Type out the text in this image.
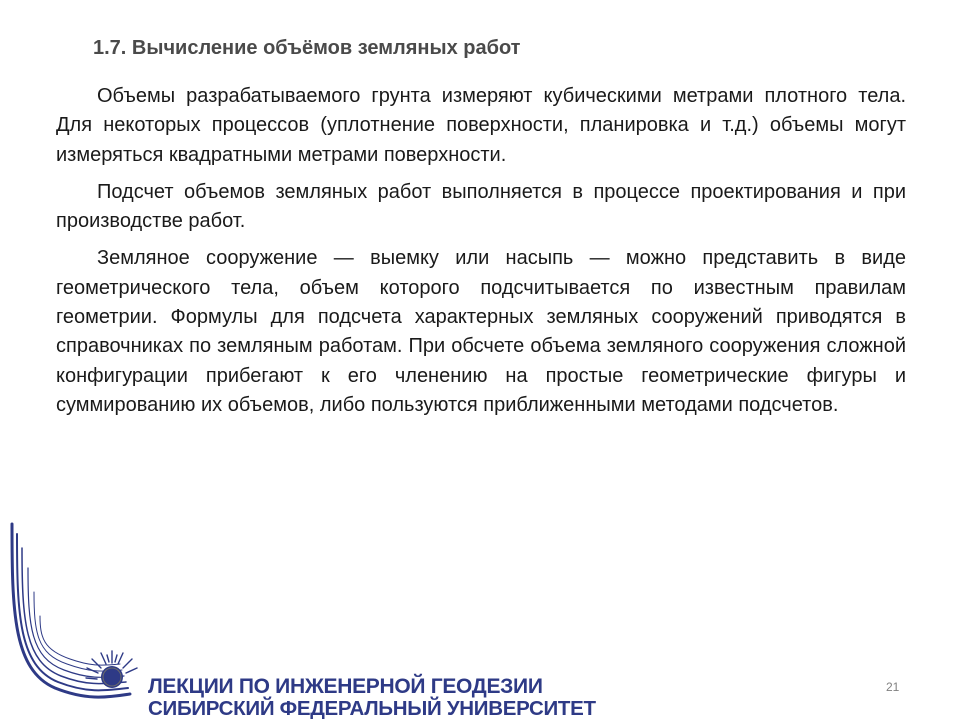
1.7. Вычисление объёмов земляных работ

Объемы разрабатываемого грунта измеряют кубическими метрами плотного тела. Для некоторых процессов (уплотнение поверхности, планировка и т.д.) объемы могут измеряться квадратными метрами поверхности.

Подсчет объемов земляных работ выполняется в процессе проектирования и при производстве работ.

Земляное сооружение — выемку или насыпь — можно представить в виде геометрического тела, объем которого подсчитывается по известным правилам геометрии. Формулы для подсчета характерных земляных сооружений приводятся в справочниках по земляным работам. При обсчете объема земляного сооружения сложной конфигурации прибегают к его членению на простые геометрические фигуры и суммированию их объемов, либо пользуются приближенными методами подсчетов.

ЛЕКЦИИ ПО ИНЖЕНЕРНОЙ ГЕОДЕЗИИ
СИБИРСКИЙ ФЕДЕРАЛЬНЫЙ УНИВЕРСИТЕТ

21
